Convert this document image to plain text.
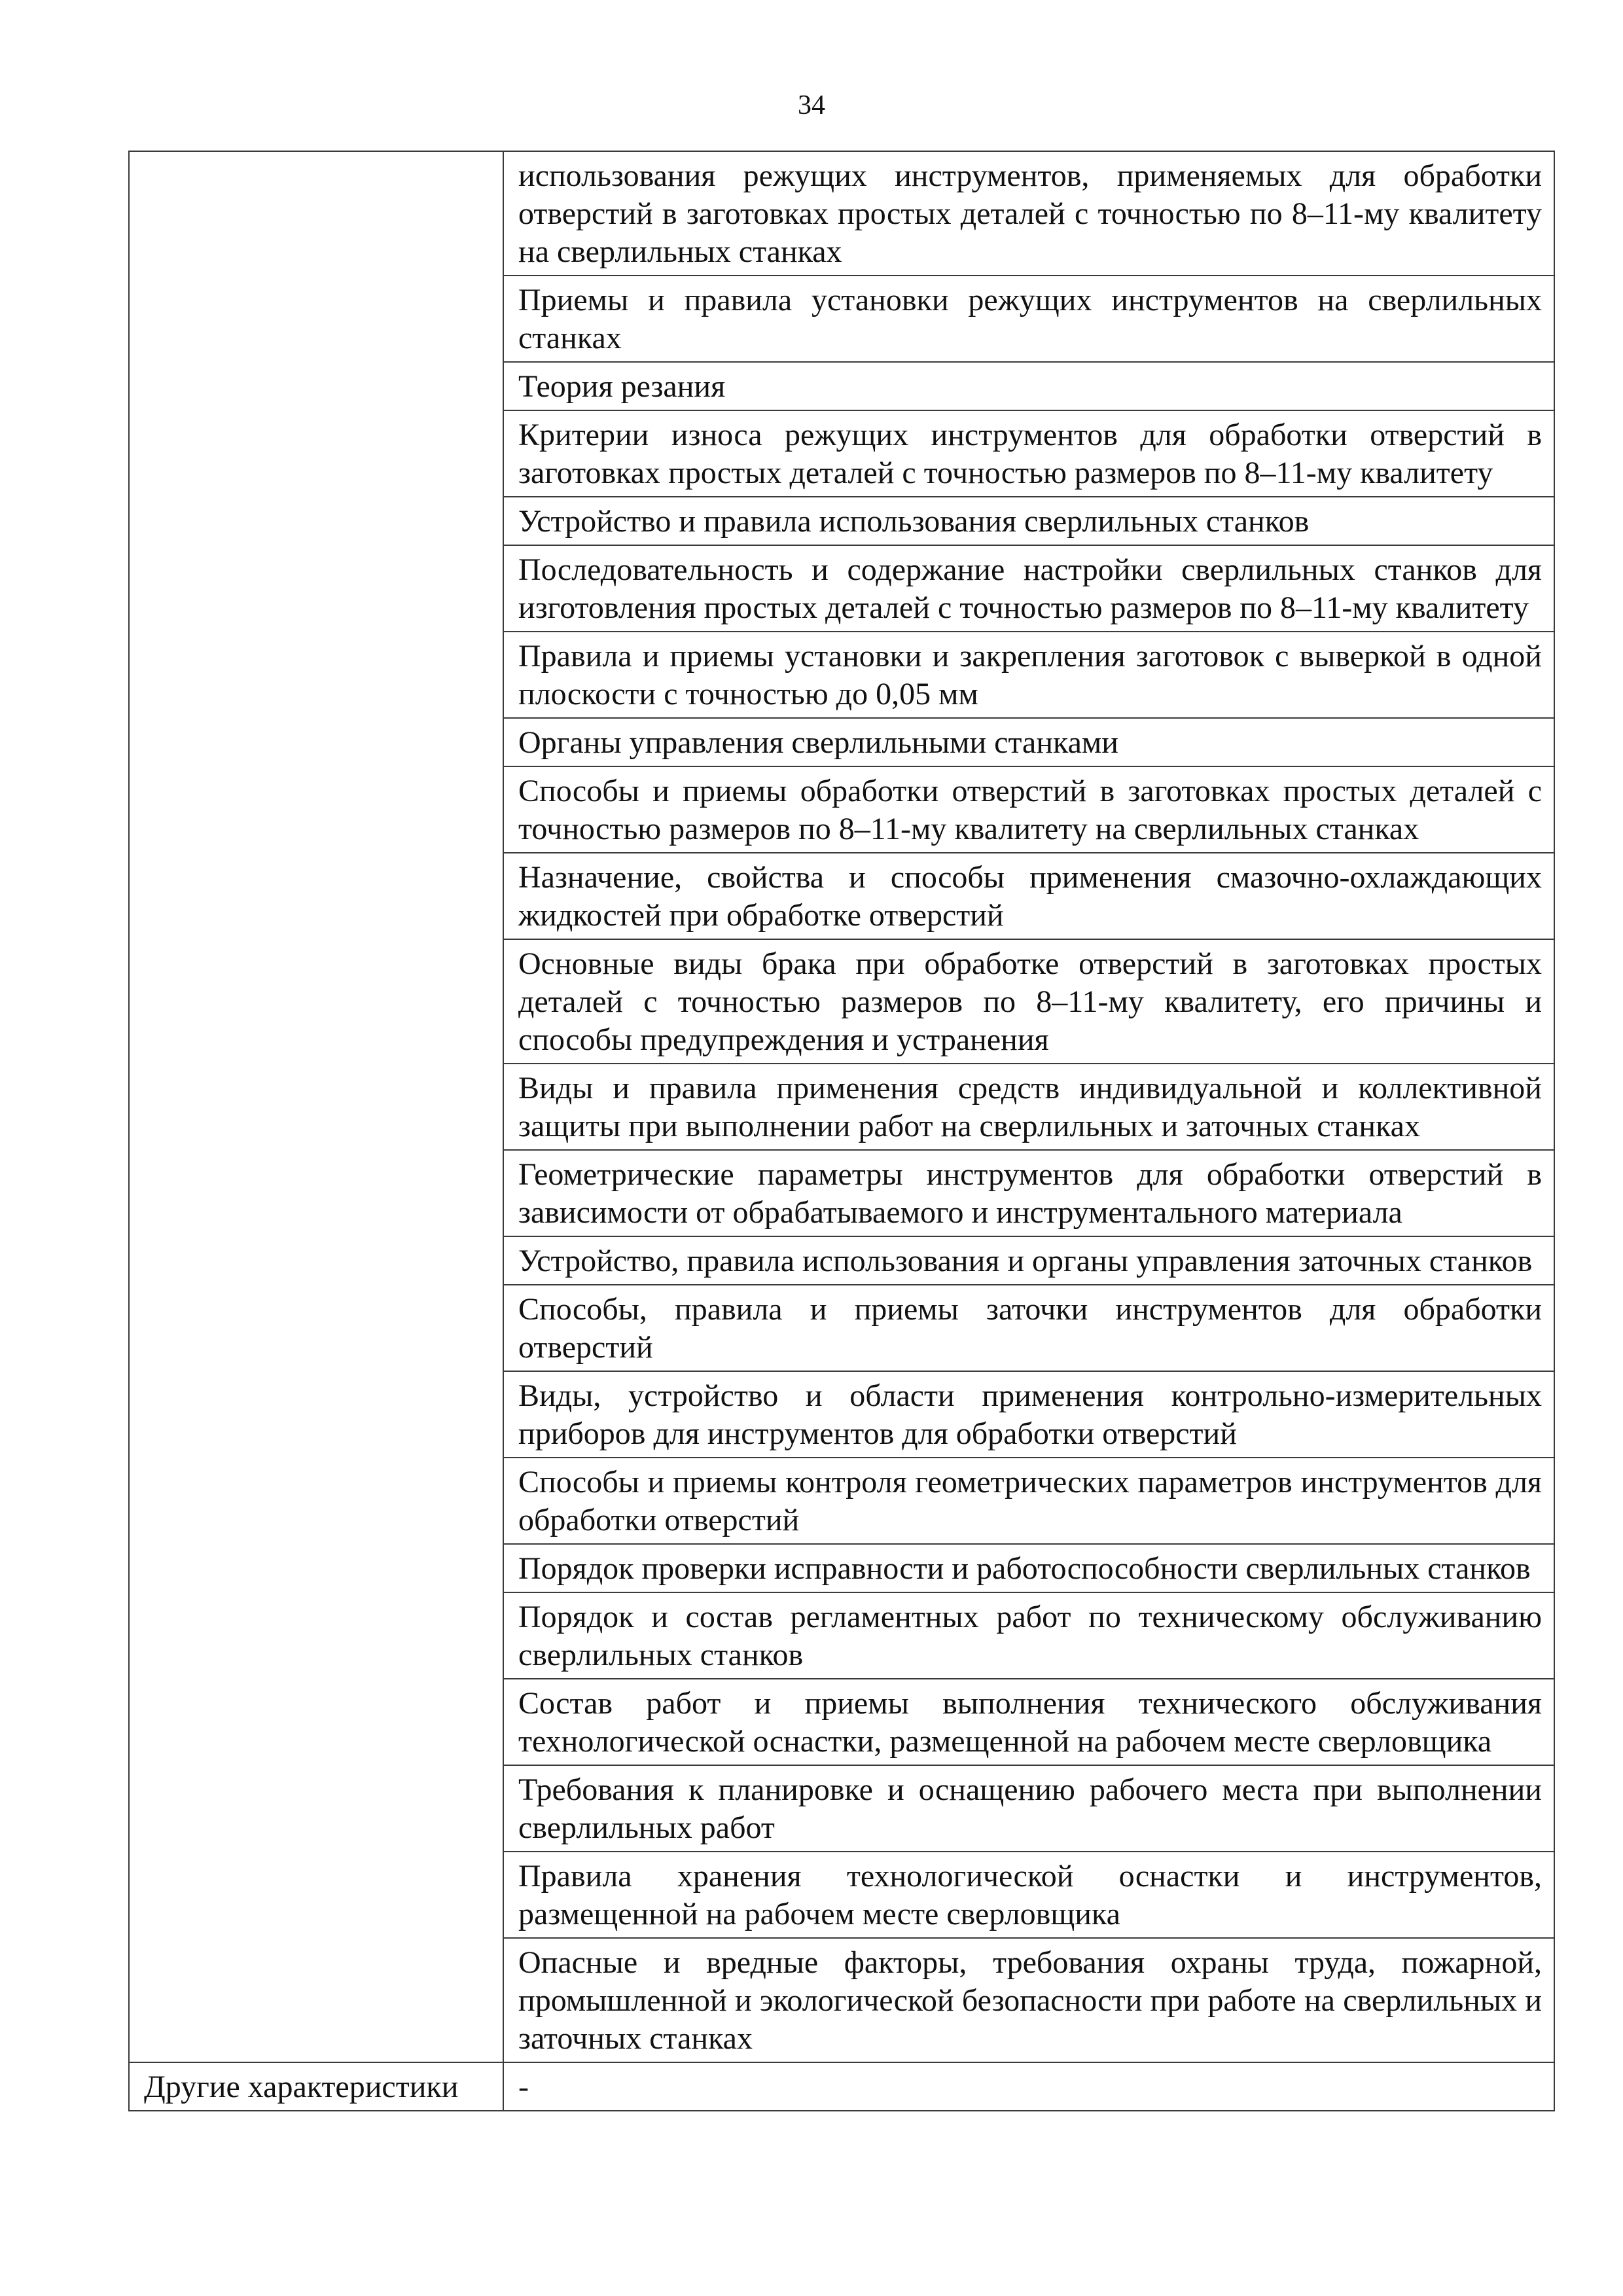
34
	использования режущих инструментов, применяемых для обработки отверстий в заготовках простых деталей с точностью по 8–11-му квалитету на сверлильных станках
	Приемы и правила установки режущих инструментов на сверлильных станках
	Теория резания
	Критерии износа режущих инструментов для обработки отверстий в заготовках простых деталей с точностью размеров по 8–11-му квалитету
	Устройство и правила использования сверлильных станков
	Последовательность и содержание настройки сверлильных станков для изготовления простых деталей с точностью размеров по 8–11-му квалитету
	Правила и приемы установки и закрепления заготовок с выверкой в одной плоскости с точностью до 0,05 мм
	Органы управления сверлильными станками
	Способы и приемы обработки отверстий в заготовках простых деталей с точностью размеров по 8–11-му квалитету на сверлильных станках
	Назначение, свойства и способы применения смазочно-охлаждающих жидкостей при обработке отверстий
	Основные виды брака при обработке отверстий в заготовках простых деталей с точностью размеров по 8–11-му квалитету, его причины и способы предупреждения и устранения
	Виды и правила применения средств индивидуальной и коллективной защиты при выполнении работ на сверлильных и заточных станках
	Геометрические параметры инструментов для обработки отверстий в зависимости от обрабатываемого и инструментального материала
	Устройство, правила использования и органы управления заточных станков
	Способы, правила и приемы заточки инструментов для обработки отверстий
	Виды, устройство и области применения контрольно-измерительных приборов для инструментов для обработки отверстий
	Способы и приемы контроля геометрических параметров инструментов для обработки отверстий
	Порядок проверки исправности и работоспособности сверлильных станков
	Порядок и состав регламентных работ по техническому обслуживанию сверлильных станков
	Состав работ и приемы выполнения технического обслуживания технологической оснастки, размещенной на рабочем месте сверловщика
	Требования к планировке и оснащению рабочего места при выполнении сверлильных работ
	Правила хранения технологической оснастки и инструментов, размещенной на рабочем месте сверловщика
	Опасные и вредные факторы, требования охраны труда, пожарной, промышленной и экологической безопасности при работе на сверлильных и заточных станках
Другие характеристики	-
